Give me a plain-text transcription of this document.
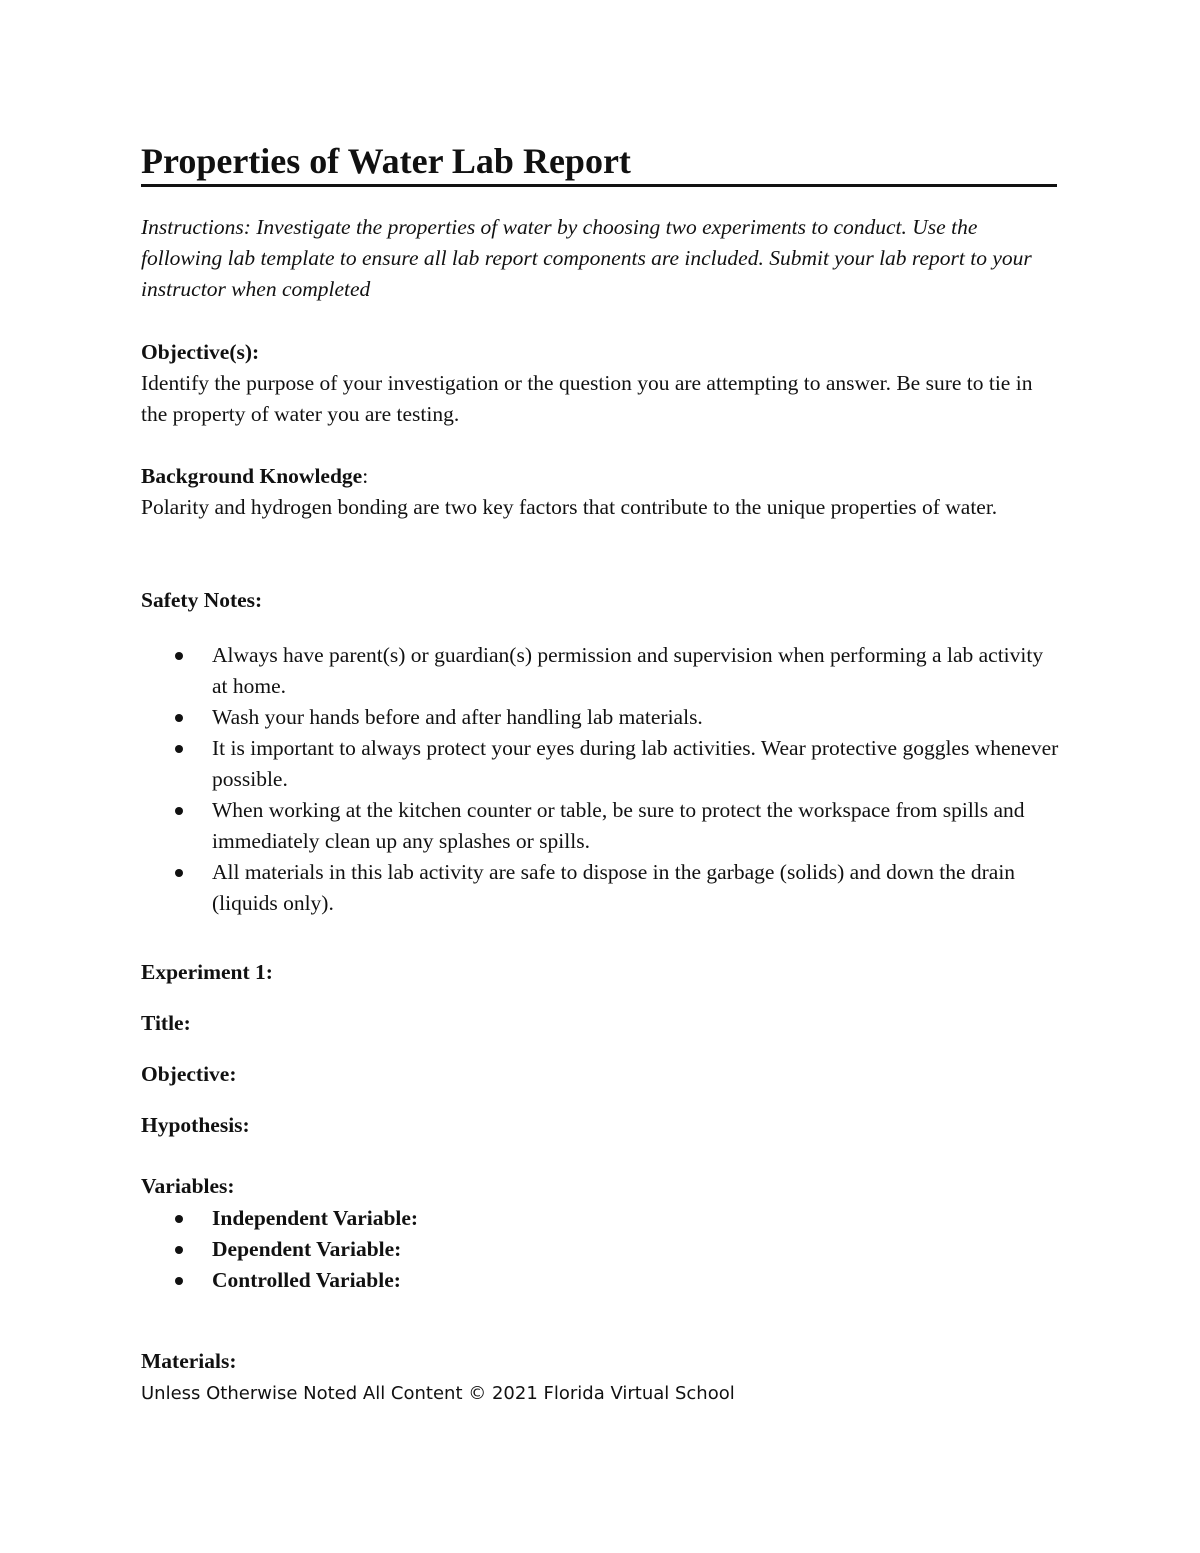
Properties of Water Lab Report
Instructions: Investigate the properties of water by choosing two experiments to conduct. Use the following lab template to ensure all lab report components are included. Submit your lab report to your instructor when completed
Objective(s):
Identify the purpose of your investigation or the question you are attempting to answer. Be sure to tie in the property of water you are testing.
Background Knowledge:
Polarity and hydrogen bonding are two key factors that contribute to the unique properties of water.
Safety Notes:
Always have parent(s) or guardian(s) permission and supervision when performing a lab activity at home.
Wash your hands before and after handling lab materials.
It is important to always protect your eyes during lab activities. Wear protective goggles whenever possible.
When working at the kitchen counter or table, be sure to protect the workspace from spills and immediately clean up any splashes or spills.
All materials in this lab activity are safe to dispose in the garbage (solids) and down the drain (liquids only).
Experiment 1:
Title:
Objective:
Hypothesis:
Variables:
Independent Variable:
Dependent Variable:
Controlled Variable:
Materials:
Unless Otherwise Noted All Content © 2021 Florida Virtual School
